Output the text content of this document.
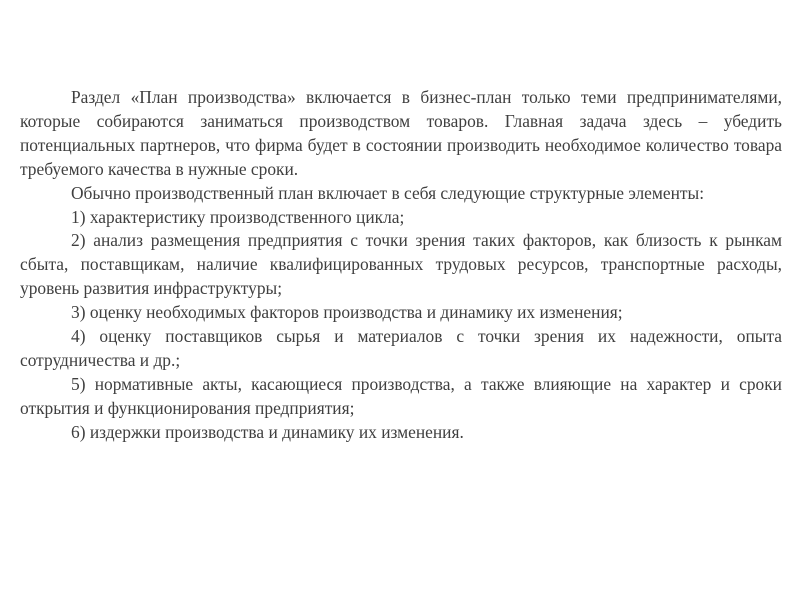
Раздел «План производства» включается в бизнес-план только теми предпринимателями, которые собираются заниматься производством товаров. Главная задача здесь – убедить потенциальных партнеров, что фирма будет в состоянии производить необходимое количество товара требуемого качества в нужные сроки.

Обычно производственный план включает в себя следующие структурные элементы:

1) характеристику производственного цикла;

2) анализ размещения предприятия с точки зрения таких факторов, как близость к рынкам сбыта, поставщикам, наличие квалифицированных трудовых ресурсов, транспортные расходы, уровень развития инфраструктуры;

3) оценку необходимых факторов производства и динамику их изменения;

4) оценку поставщиков сырья и материалов с точки зрения их надежности, опыта сотрудничества и др.;

5) нормативные акты, касающиеся производства, а также влияющие на характер и сроки открытия и функционирования предприятия;

6) издержки производства и динамику их изменения.
